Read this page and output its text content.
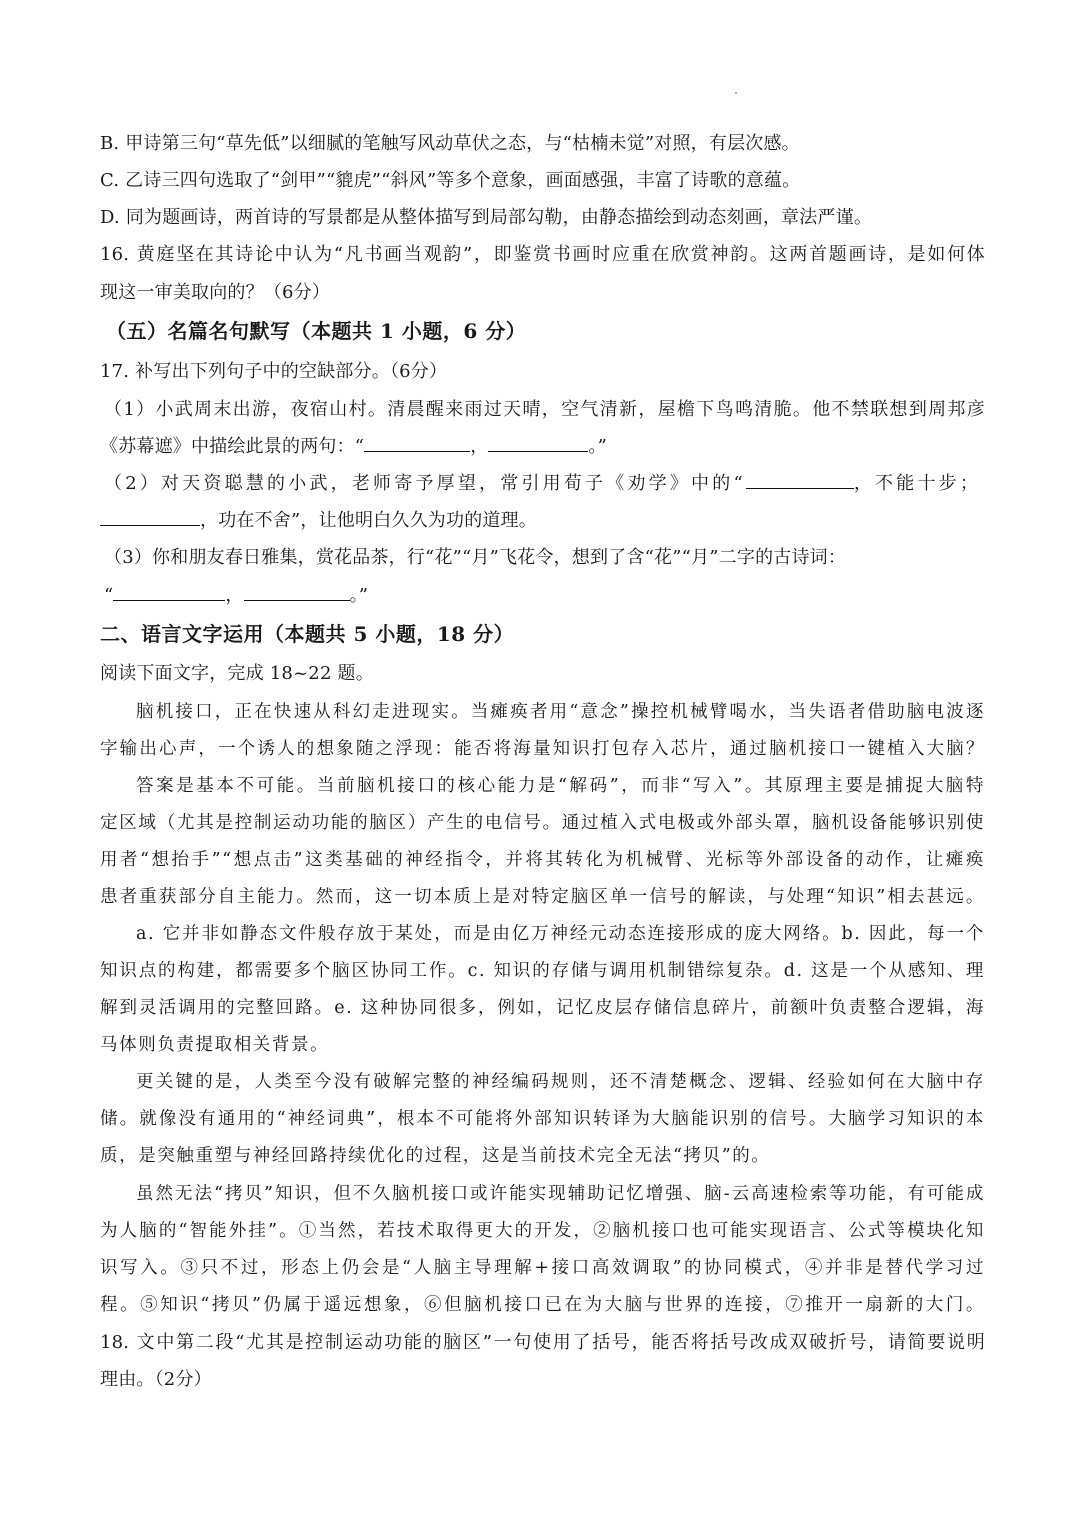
B. 甲诗第三句“草先低”以细腻的笔触写风动草伏之态，与“枯楠未觉”对照，有层次感。
C. 乙诗三四句选取了“剑甲”“貔虎”“斜风”等多个意象，画面感强，丰富了诗歌的意蕴。
D. 同为题画诗，两首诗的写景都是从整体描写到局部勾勒，由静态描绘到动态刻画，章法严谨。
16. 黄庭坚在其诗论中认为“凡书画当观韵”，即鉴赏书画时应重在欣赏神韵。这两首题画诗，是如何体
现这一审美取向的？（6分）
（五）名篇名句默写（本题共 1 小题，6 分）
17. 补写出下列句子中的空缺部分。（6分）
（1）小武周末出游，夜宿山村。清晨醒来雨过天晴，空气清新，屋檐下鸟鸣清脆。他不禁联想到周邦彦
《苏幕遮》中描绘此景的两句：“	，	。”
（2）对天资聪慧的小武，老师寄予厚望，常引用荀子《劝学》中的“	，不能十步；
，功在不舍”，让他明白久久为功的道理。
（3）你和朋友春日雅集，赏花品茶，行“花”“月”飞花令，想到了含“花”“月”二字的古诗词：
“	，	。”
二、语言文字运用（本题共 5 小题，18 分）
阅读下面文字，完成 18~22 题。
脑机接口，正在快速从科幻走进现实。当瘫痪者用“意念”操控机械臂喝水，当失语者借助脑电波逐
字输出心声，一个诱人的想象随之浮现：能否将海量知识打包存入芯片，通过脑机接口一键植入大脑？
答案是基本不可能。当前脑机接口的核心能力是“解码”，而非“写入”。其原理主要是捕捉大脑特
定区域（尤其是控制运动功能的脑区）产生的电信号。通过植入式电极或外部头罩，脑机设备能够识别使
用者“想抬手”“想点击”这类基础的神经指令，并将其转化为机械臂、光标等外部设备的动作，让瘫痪
患者重获部分自主能力。然而，这一切本质上是对特定脑区单一信号的解读，与处理“知识”相去甚远。
a. 它并非如静态文件般存放于某处，而是由亿万神经元动态连接形成的庞大网络。b. 因此，每一个
知识点的构建，都需要多个脑区协同工作。c. 知识的存储与调用机制错综复杂。d. 这是一个从感知、理
解到灵活调用的完整回路。e. 这种协同很多，例如，记忆皮层存储信息碎片，前额叶负责整合逻辑，海
马体则负责提取相关背景。
更关键的是，人类至今没有破解完整的神经编码规则，还不清楚概念、逻辑、经验如何在大脑中存
储。就像没有通用的“神经词典”，根本不可能将外部知识转译为大脑能识别的信号。大脑学习知识的本
质，是突触重塑与神经回路持续优化的过程，这是当前技术完全无法“拷贝”的。
虽然无法“拷贝”知识，但不久脑机接口或许能实现辅助记忆增强、脑-云高速检索等功能，有可能成
为人脑的“智能外挂”。①当然，若技术取得更大的开发，②脑机接口也可能实现语言、公式等模块化知
识写入。③只不过，形态上仍会是“人脑主导理解+接口高效调取”的协同模式，④并非是替代学习过
程。⑤知识“拷贝”仍属于遥远想象，⑥但脑机接口已在为大脑与世界的连接，⑦推开一扇新的大门。
18. 文中第二段“尤其是控制运动功能的脑区”一句使用了括号，能否将括号改成双破折号，请简要说明
理由。（2分）
